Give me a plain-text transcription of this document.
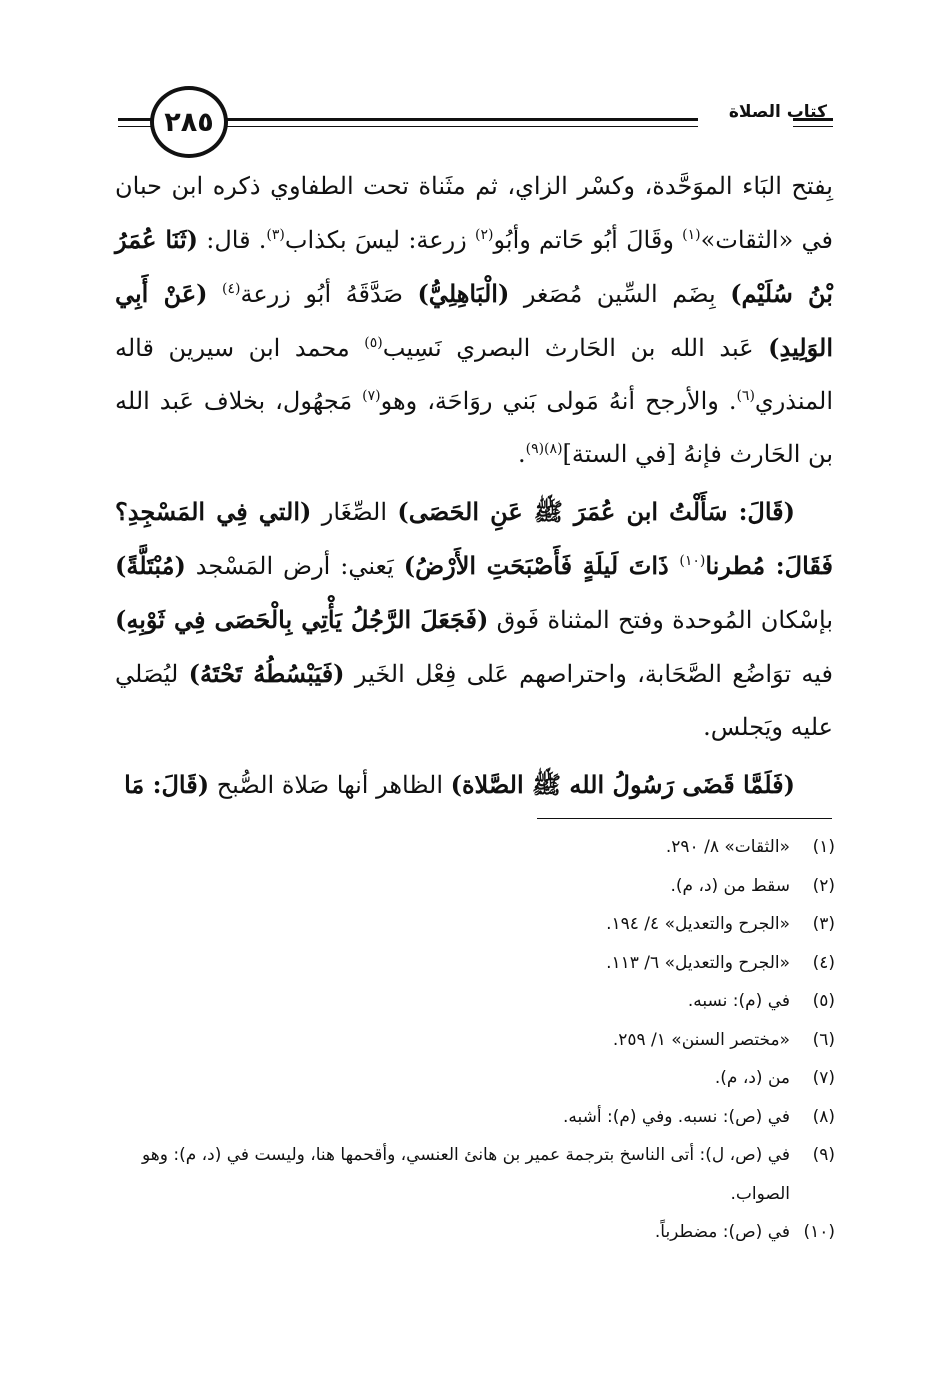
٢٨٥	كتاب الصلاة

بِفتح البَاء الموَحَّدة، وكسْر الزاي، ثم مثَناة تحت الطفاوي ذكره ابن حبان في «الثقات»$^{(١)}$ وقَالَ أبُو حَاتم وأبُو$^{(٢)}$ زرعة: ليسَ بكذاب$^{(٣)}$. قال: (ثَنَا عُمَرُ بْنُ سُلَيْم) بِضَم السِّين مُصَغر (الْبَاهِلِيُّ) صَدَّقَهُ أبُو زرعة$^{(٤)}$ (عَنْ أَبِي الوَلِيدِ) عَبد الله بن الحَارث البصري نَسِيب$^{(٥)}$ محمد ابن سيرين قاله المنذري$^{(٦)}$. والأرجح أنهُ مَولى بَني روَاحَة، وهو$^{(٧)}$ مَجهُول، بخلاف عَبد الله بن الحَارث فإنهُ [في الستة]$^{(٨)(٩)}$.

(قَالَ: سَأَلْتُ ابن عُمَرَ ﷺ عَنِ الحَصَى) الصِّغَار (التي فِي المَسْجِدِ؟ فَقَالَ: مُطرنا$^{(١٠)}$ ذَاتَ لَيلَةٍ فَأَصْبَحَتِ الأَرْضُ) يَعني: أرض المَسْجد (مُبْتَلَّةً) بإسْكان المُوحدة وفتح المثناة فَوق (فَجَعَلَ الرَّجُلُ يَأْتِي بِالْحَصَى فِي ثَوْبِهِ) فيه توَاضُع الصَّحَابة، واحتراصهم عَلى فِعْل الخَير (فَيَبْسُطُهُ تَحْتَهُ) ليُصَلي عليه ويَجلس.

(فَلَمَّا قَضَى رَسُولُ الله ﷺ الصَّلاة) الظاهر أنها صَلاة الصُّبح (قَالَ: مَا

(١)
«الثقات» ٨/ ٢٩٠.
(٢)
سقط من (د، م).
(٣)
«الجرح والتعديل» ٤/ ١٩٤.
(٤)
«الجرح والتعديل» ٦/ ١١٣.
(٥)
في (م): نسبه.
(٦)
«مختصر السنن» ١/ ٢٥٩.
(٧)
من (د، م).
(٨)
في (ص): نسبه. وفي (م): أشبه.
(٩)
في (ص، ل): أتى الناسخ بترجمة عمير بن هانئ العنسي، وأقحمها هنا، وليست في (د، م): وهو الصواب.
(١٠)
في (ص): مضطرباً.
